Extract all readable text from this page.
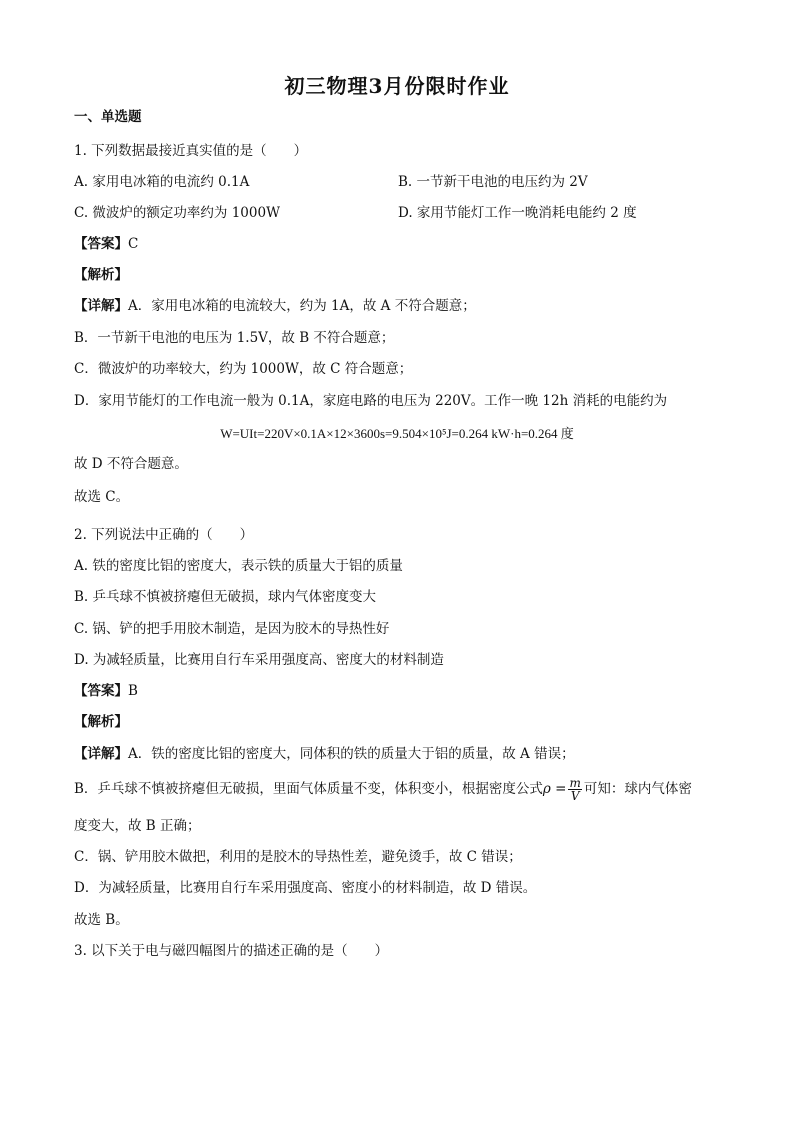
初三物理3月份限时作业
一、单选题
1. 下列数据最接近真实值的是（　　）
A. 家用电冰箱的电流约 0.1A	B. 一节新干电池的电压约为 2V
C. 微波炉的额定功率约为 1000W	D. 家用节能灯工作一晚消耗电能约 2 度
【答案】C
【解析】
【详解】A．家用电冰箱的电流较大，约为 1A，故 A 不符合题意；
B．一节新干电池的电压为 1.5V，故 B 不符合题意；
C．微波炉的功率较大，约为 1000W，故 C 符合题意；
D．家用节能灯的工作电流一般为 0.1A，家庭电路的电压为 220V。工作一晚 12h 消耗的电能约为
W=UIt=220V×0.1A×12×3600s=9.504×10⁵J=0.264 kW·h=0.264 度
故 D 不符合题意。
故选 C。
2. 下列说法中正确的（　　）
A. 铁的密度比铝的密度大，表示铁的质量大于铝的质量
B. 乒乓球不慎被挤瘪但无破损，球内气体密度变大
C. 锅、铲的把手用胶木制造，是因为胶木的导热性好
D. 为减轻质量，比赛用自行车采用强度高、密度大的材料制造
【答案】B
【解析】
【详解】A．铁的密度比铝的密度大，同体积的铁的质量大于铝的质量，故 A 错误；
B．乒乓球不慎被挤瘪但无破损，里面气体质量不变，体积变小，根据密度公式$\rho = \frac{m}{V}$ 可知：球内气体密
度变大，故 B 正确；
C．锅、铲用胶木做把，利用的是胶木的导热性差，避免烫手，故 C 错误；
D．为减轻质量，比赛用自行车采用强度高、密度小的材料制造，故 D 错误。
故选 B。
3. 以下关于电与磁四幅图片的描述正确的是（　　）
